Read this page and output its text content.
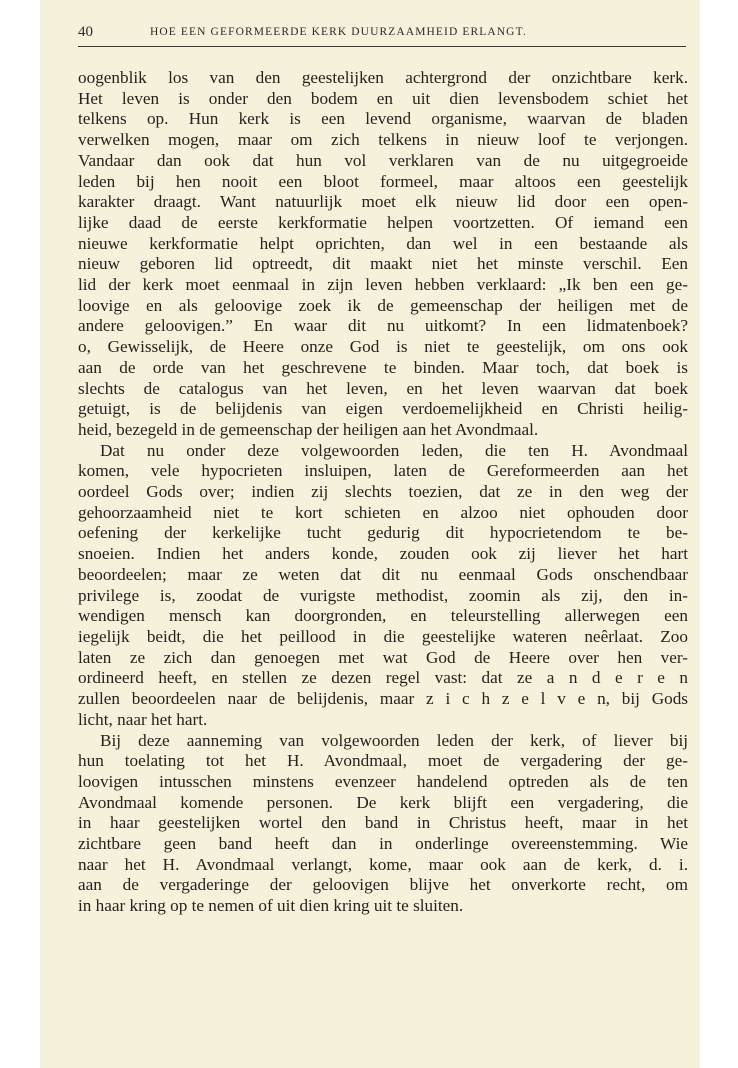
40	HOE EEN GEFORMEERDE KERK DUURZAAMHEID ERLANGT.
oogenblik los van den geestelijken achtergrond der onzichtbare kerk.
Het leven is onder den bodem en uit dien levensbodem schiet het
telkens op. Hun kerk is een levend organisme, waarvan de bladen
verwelken mogen, maar om zich telkens in nieuw loof te verjongen.
Vandaar dan ook dat hun vol verklaren van de nu uitgegroeide
leden bij hen nooit een bloot formeel, maar altoos een geestelijk
karakter draagt. Want natuurlijk moet elk nieuw lid door een open-
lijke daad de eerste kerkformatie helpen voortzetten. Of iemand een
nieuwe kerkformatie helpt oprichten, dan wel in een bestaande als
nieuw geboren lid optreedt, dit maakt niet het minste verschil. Een
lid der kerk moet eenmaal in zijn leven hebben verklaard: „Ik ben een ge-
loovige en als geloovige zoek ik de gemeenschap der heiligen met de
andere geloovigen.” En waar dit nu uitkomt? In een lidmatenboek?
o, Gewisselijk, de Heere onze God is niet te geestelijk, om ons ook
aan de orde van het geschrevene te binden. Maar toch, dat boek is
slechts de catalogus van het leven, en het leven waarvan dat boek
getuigt, is de belijdenis van eigen verdoemelijkheid en Christi heilig-
heid, bezegeld in de gemeenschap der heiligen aan het Avondmaal.
Dat nu onder deze volgewoorden leden, die ten H. Avondmaal
komen, vele hypocrieten insluipen, laten de Gereformeerden aan het
oordeel Gods over; indien zij slechts toezien, dat ze in den weg der
gehoorzaamheid niet te kort schieten en alzoo niet ophouden door
oefening der kerkelijke tucht gedurig dit hypocrietendom te be-
snoeien. Indien het anders konde, zouden ook zij liever het hart
beoordeelen; maar ze weten dat dit nu eenmaal Gods onschendbaar
privilege is, zoodat de vurigste methodist, zoomin als zij, den in-
wendigen mensch kan doorgronden, en teleurstelling allerwegen een
iegelijk beidt, die het peillood in die geestelijke wateren neêrlaat. Zoo
laten ze zich dan genoegen met wat God de Heere over hen ver-
ordineerd heeft, en stellen ze dezen regel vast: dat ze a n d e r e n
zullen beoordeelen naar de belijdenis, maar z i c h z e l v e n, bij Gods
licht, naar het hart.
Bij deze aanneming van volgewoorden leden der kerk, of liever bij
hun toelating tot het H. Avondmaal, moet de vergadering der ge-
loovigen intusschen minstens evenzeer handelend optreden als de ten
Avondmaal komende personen. De kerk blijft een vergadering, die
in haar geestelijken wortel den band in Christus heeft, maar in het
zichtbare geen band heeft dan in onderlinge overeenstemming. Wie
naar het H. Avondmaal verlangt, kome, maar ook aan de kerk, d. i.
aan de vergaderinge der geloovigen blijve het onverkorte recht, om
in haar kring op te nemen of uit dien kring uit te sluiten.
